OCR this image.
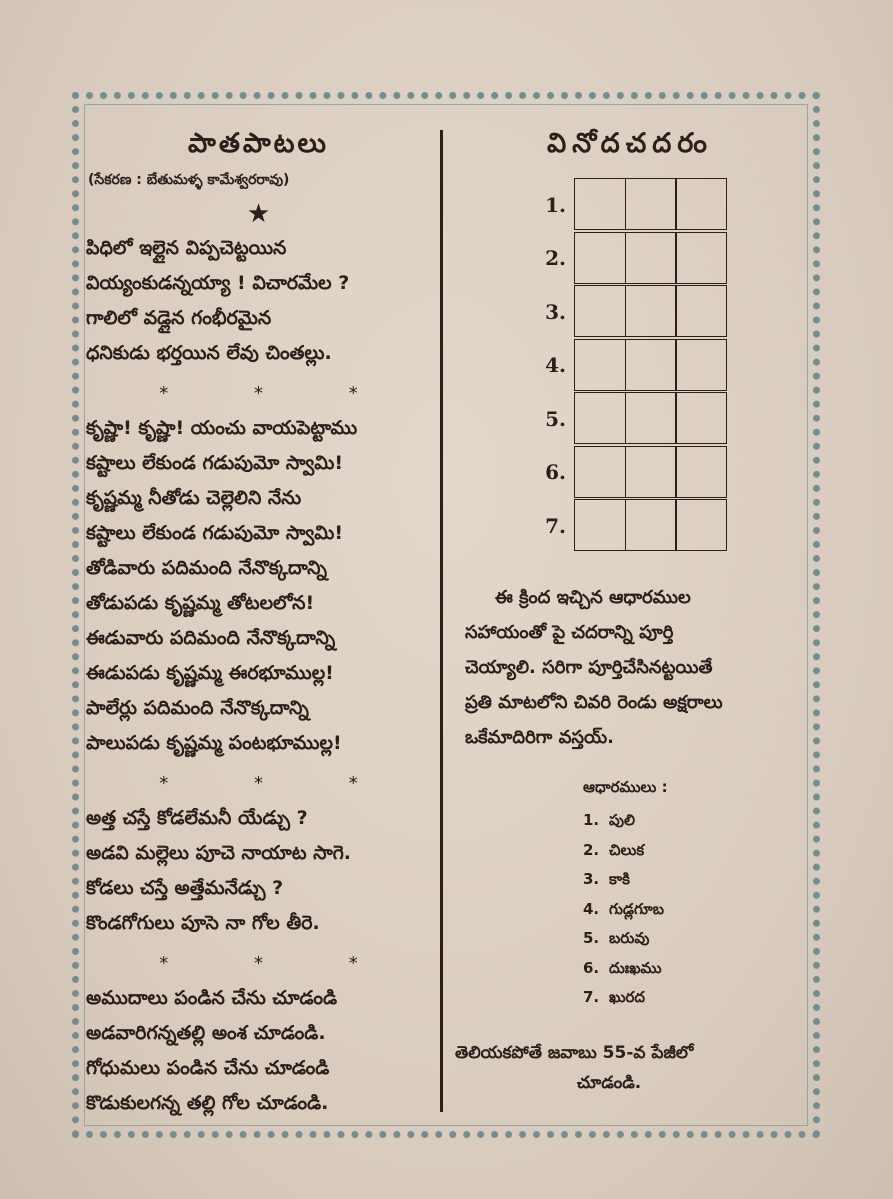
పాతపాటలు
(సేకరణ : బేతుమళ్ళ కామేశ్వరరావు)
★
పిధిలో ఇల్లైన విప్పచెట్టయిన
వియ్యంకుడన్నయ్యా ! విచారమేల ?
గాలిలో వడ్లైన గంభీరమైన
ధనికుడు భర్తయిన లేవు చింతల్లు.
* * *
కృష్ణా! కృష్ణా! యంచు వాయపెట్టాము
కష్టాలు లేకుండ గడుపుమో స్వామి!
కృష్ణమ్మ నీతోడు చెల్లెలిని నేను
కష్టాలు లేకుండ గడుపుమో స్వామి!
తోడివారు పదిమంది నేనొక్కదాన్ని
తోడుపడు కృష్ణమ్మ తోటలలోన!
ఈడువారు పదిమంది నేనొక్కదాన్ని
ఈడుపడు కృష్ణమ్మ ఈరభూముల్ల!
పాలేర్లు పదిమంది నేనొక్కదాన్ని
పాలుపడు కృష్ణమ్మ పంటభూముల్ల!
* * *
అత్త చస్తే కోడలేమనీ యేడ్చు ?
అడవి మల్లెలు పూచె నాయాట సాగె.
కోడలు చస్తే అత్తేమనేడ్చు ?
కొండగోగులు పూసె నా గోల తీరె.
* * *
అముదాలు పండిన చేను చూడండి
అడవారిగన్నతల్లి అంశ చూడండి.
గోధుమలు పండిన చేను చూడండి
కొడుకులగన్న తల్లి గోల చూడండి.
వినోదచదరం
1.
2.
3.
4.
5.
6.
7.
ఈ క్రింద ఇచ్చిన ఆధారముల
సహాయంతో పై చదరాన్ని పూర్తి
చెయ్యాలి. సరిగా పూర్తిచేసినట్టయితే
ప్రతి మాటలోని చివరి రెండు అక్షరాలు
ఒకేమాదిరిగా వస్తయ్.
ఆధారములు :
1. పులి
2. చిలుక
3. కాకి
4. గుడ్లగూబ
5. బరువు
6. దుఃఖము
7. ఖురద
తెలియకపోతే జవాబు 55-వ పేజీలో
చూడండి.
